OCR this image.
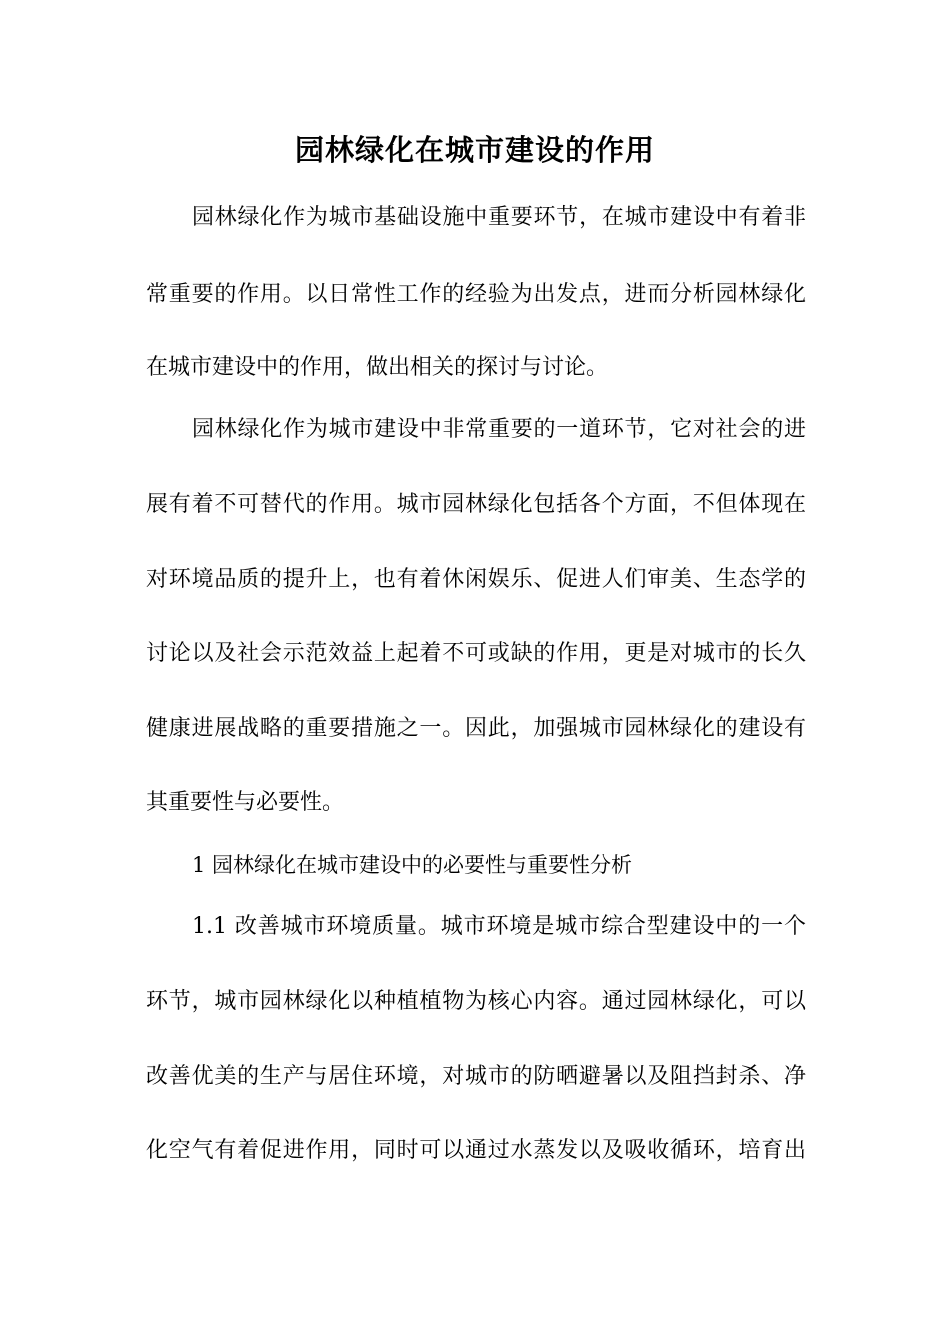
园林绿化在城市建设的作用

园林绿化作为城市基础设施中重要环节，在城市建设中有着非

常重要的作用。以日常性工作的经验为出发点，进而分析园林绿化

在城市建设中的作用，做出相关的探讨与讨论。

园林绿化作为城市建设中非常重要的一道环节，它对社会的进

展有着不可替代的作用。城市园林绿化包括各个方面，不但体现在

对环境品质的提升上，也有着休闲娱乐、促进人们审美、生态学的

讨论以及社会示范效益上起着不可或缺的作用，更是对城市的长久

健康进展战略的重要措施之一。因此，加强城市园林绿化的建设有

其重要性与必要性。

1 园林绿化在城市建设中的必要性与重要性分析

1.1 改善城市环境质量。城市环境是城市综合型建设中的一个

环节，城市园林绿化以种植植物为核心内容。通过园林绿化，可以

改善优美的生产与居住环境，对城市的防晒避暑以及阻挡封杀、净

化空气有着促进作用，同时可以通过水蒸发以及吸收循环，培育出
